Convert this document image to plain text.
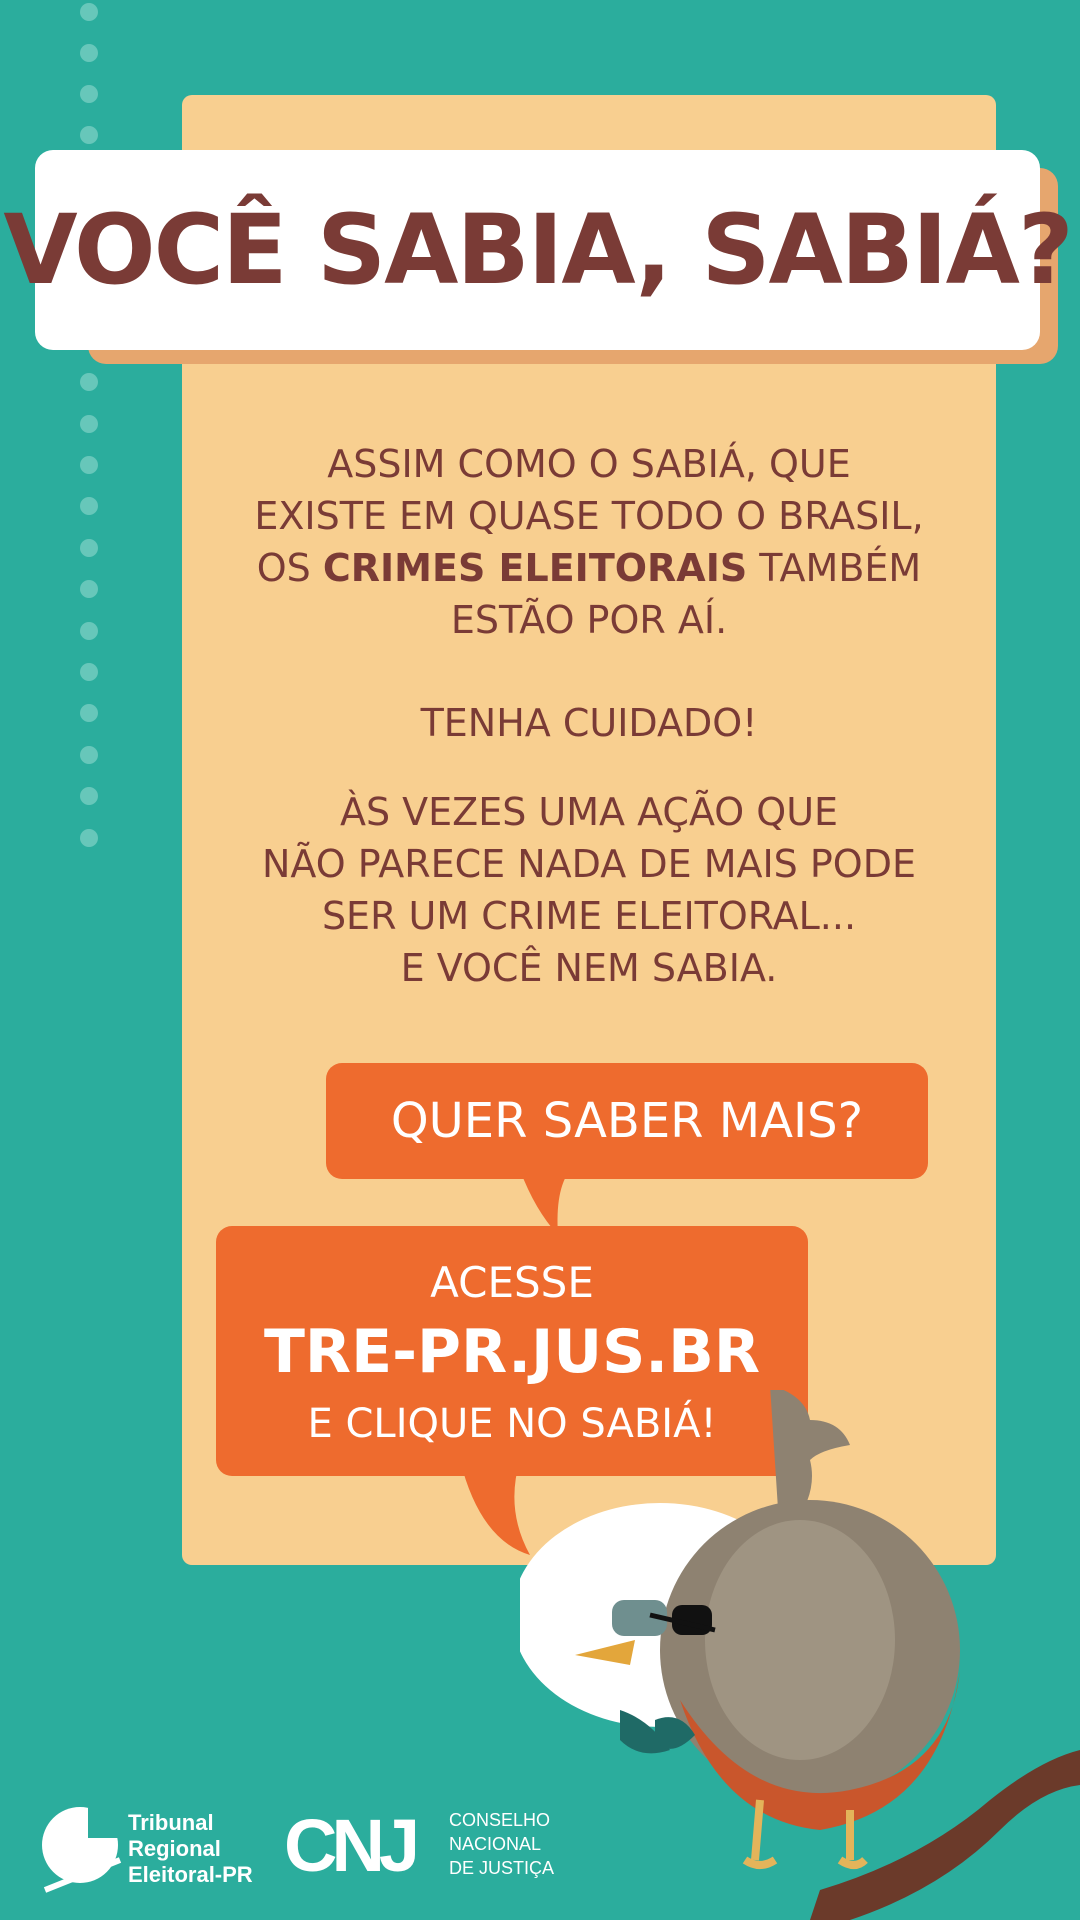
VOCÊ SABIA, SABIÁ?
ASSIM COMO O SABIÁ, QUE
EXISTE EM QUASE TODO O BRASIL,
OS CRIMES ELEITORAIS TAMBÉM
ESTÃO POR AÍ.
TENHA CUIDADO!
ÀS VEZES UMA AÇÃO QUE
NÃO PARECE NADA DE MAIS PODE
SER UM CRIME ELEITORAL...
E VOCÊ NEM SABIA.
QUER SABER MAIS?
ACESSE
TRE-PR.JUS.BR
E CLIQUE NO SABIÁ!
Tribunal
Regional
Eleitoral-PR CNJ CONSELHO
NACIONAL
DE JUSTIÇA
